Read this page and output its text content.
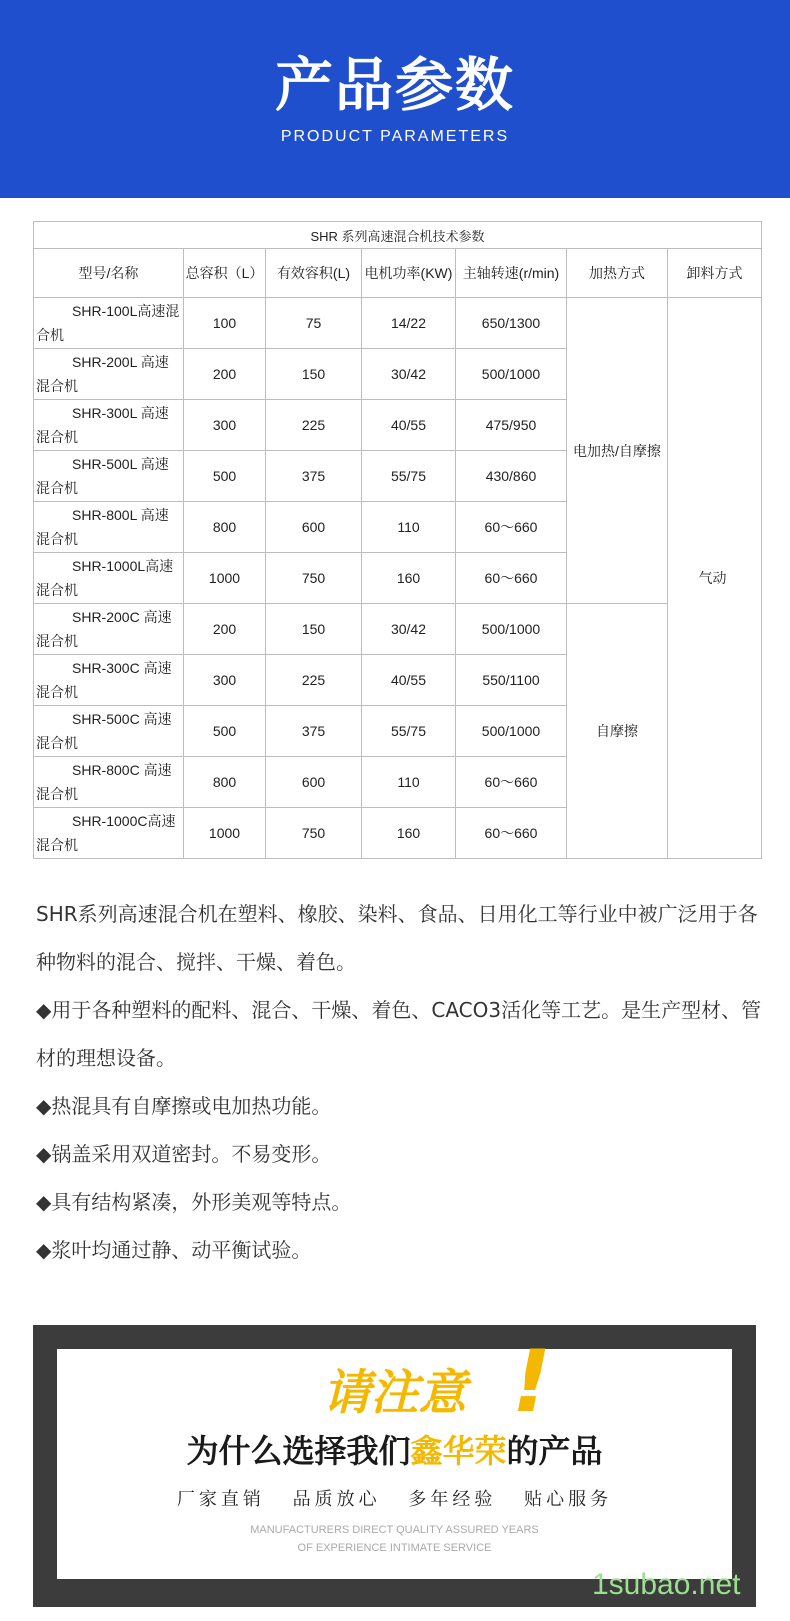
产品参数
PRODUCT PARAMETERS
SHR 系列高速混合机技术参数						
型号/名称	总容积（L）	有效容积(L)	电机功率(KW)	主轴转速(r/min)	加热方式	卸料方式

SHR-100L高速混
合机	100	75	14/22	650/1300	电加热/自摩擦	气动

SHR-200L 高速
混合机	200	150	30/42	500/1000		

SHR-300L 高速
混合机	300	225	40/55	475/950		

SHR-500L 高速
混合机	500	375	55/75	430/860		

SHR-800L 高速
混合机	800	600	110	60～660		

SHR-1000L高速
混合机	1000	750	160	60～660		

SHR-200C 高速
混合机	200	150	30/42	500/1000	自摩擦	

SHR-300C 高速
混合机	300	225	40/55	550/1100		

SHR-500C 高速
混合机	500	375	55/75	500/1000		

SHR-800C 高速
混合机	800	600	110	60～660		

SHR-1000C高速
混合机	1000	750	160	60～660		

SHR系列高速混合机在塑料、橡胶、染料、食品、日用化工等行业中被广泛用于各种物料的混合、搅拌、干燥、着色。

◆用于各种塑料的配料、混合、干燥、着色、CACO3活化等工艺。是生产型材、管材的理想设备。

◆热混具有自摩擦或电加热功能。

◆锅盖采用双道密封。不易变形。

◆具有结构紧凑，外形美观等特点。

◆浆叶均通过静、动平衡试验。

请注意 !
为什么选择我们鑫华荣的产品
厂家直销 品质放心 多年经验 贴心服务
MANUFACTURERS DIRECT QUALITY ASSURED YEARS
OF EXPERIENCE INTIMATE SERVICE
1subao.net
